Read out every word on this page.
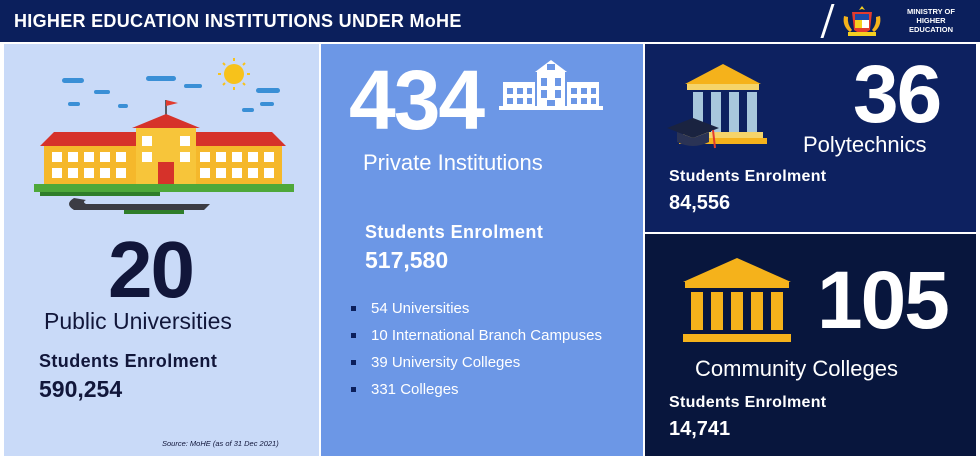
HIGHER EDUCATION INSTITUTIONS UNDER MoHE	MINISTRY OF
HIGHER
EDUCATION
20
Public Universities
Students Enrolment
590,254
Source: MoHE (as of 31 Dec 2021)
434
Private Institutions
Students Enrolment
517,580
54 Universities
10 International Branch Campuses
39 University Colleges
331 Colleges
36
Polytechnics
Students Enrolment
84,556
105
Community Colleges
Students Enrolment
14,741
